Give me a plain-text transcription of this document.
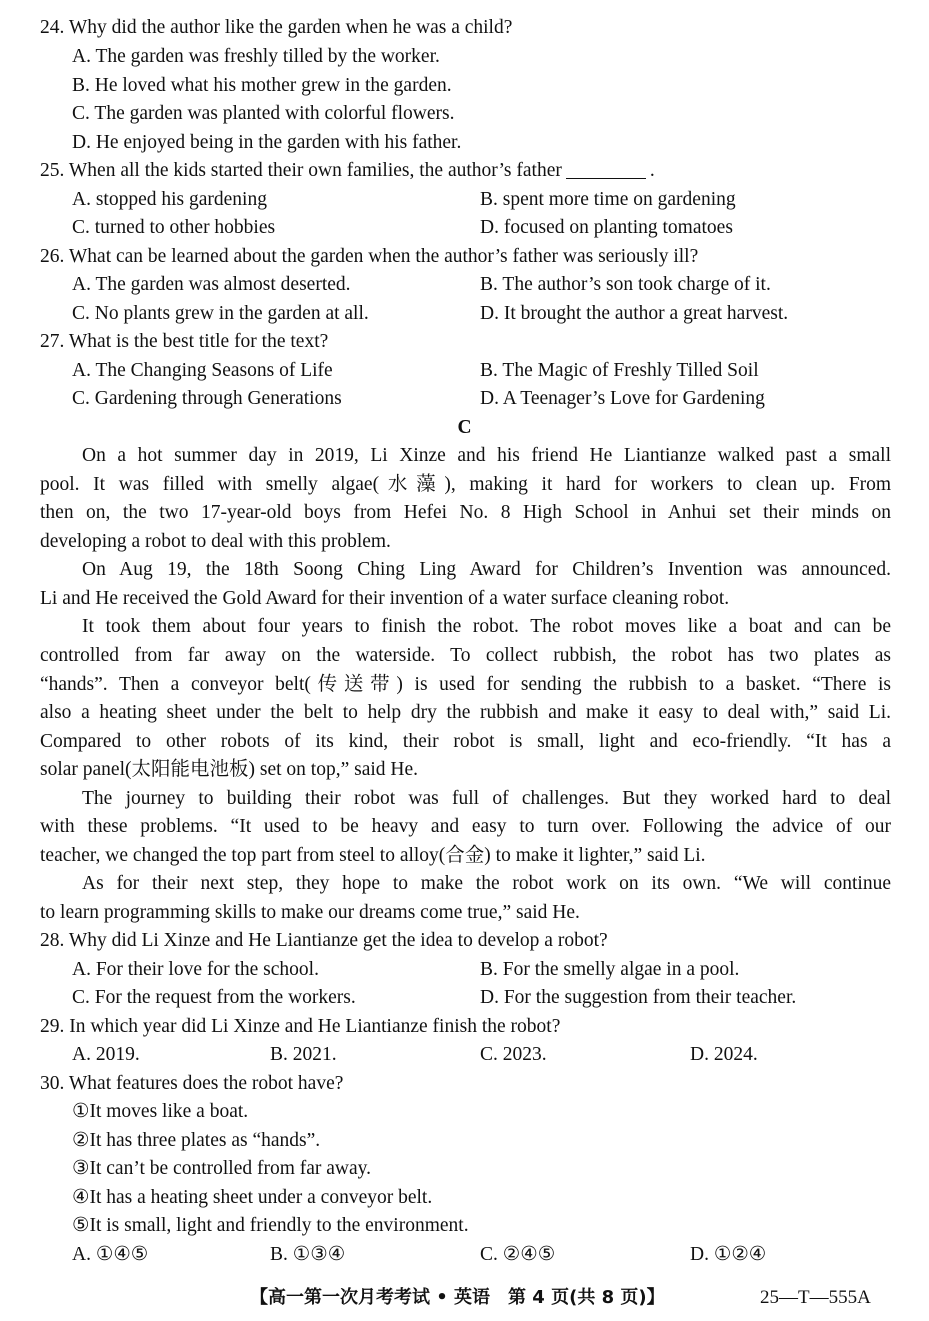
24. Why did the author like the garden when he was a child?
A. The garden was freshly tilled by the worker.
B. He loved what his mother grew in the garden.
C. The garden was planted with colorful flowers.
D. He enjoyed being in the garden with his father.
25. When all the kids started their own families, the author’s father	.
A. stopped his gardening	B. spent more time on gardening
C. turned to other hobbies	D. focused on planting tomatoes
26. What can be learned about the garden when the author’s father was seriously ill?
A. The garden was almost deserted.	B. The author’s son took charge of it.
C. No plants grew in the garden at all.	D. It brought the author a great harvest.
27. What is the best title for the text?
A. The Changing Seasons of Life	B. The Magic of Freshly Tilled Soil
C. Gardening through Generations	D. A Teenager’s Love for Gardening
C
On a hot summer day in 2019, Li Xinze and his friend He Liantianze walked past a small
pool. It was filled with smelly algae(水藻), making it hard for workers to clean up. From
then on, the two 17-year-old boys from Hefei No. 8 High School in Anhui set their minds on
developing a robot to deal with this problem.
On Aug 19, the 18th Soong Ching Ling Award for Children’s Invention was announced.
Li and He received the Gold Award for their invention of a water surface cleaning robot.
It took them about four years to finish the robot. The robot moves like a boat and can be
controlled from far away on the waterside. To collect rubbish, the robot has two plates as
“hands”. Then a conveyor belt(传送带) is used for sending the rubbish to a basket. “There is
also a heating sheet under the belt to help dry the rubbish and make it easy to deal with,” said Li.
Compared to other robots of its kind, their robot is small, light and eco-friendly. “It has a
solar panel(太阳能电池板) set on top,” said He.
The journey to building their robot was full of challenges. But they worked hard to deal
with these problems. “It used to be heavy and easy to turn over. Following the advice of our
teacher, we changed the top part from steel to alloy(合金) to make it lighter,” said Li.
As for their next step, they hope to make the robot work on its own. “We will continue
to learn programming skills to make our dreams come true,” said He.
28. Why did Li Xinze and He Liantianze get the idea to develop a robot?
A. For their love for the school.	B. For the smelly algae in a pool.
C. For the request from the workers.	D. For the suggestion from their teacher.
29. In which year did Li Xinze and He Liantianze finish the robot?
A. 2019.	B. 2021.	C. 2023.	D. 2024.
30. What features does the robot have?
①It moves like a boat.
②It has three plates as “hands”.
③It can’t be controlled from far away.
④It has a heating sheet under a conveyor belt.
⑤It is small, light and friendly to the environment.
A. ①④⑤	B. ①③④	C. ②④⑤	D. ①②④
【高一第一次月考考试 • 英语　第 4 页(共 8 页)】	25—T—555A
